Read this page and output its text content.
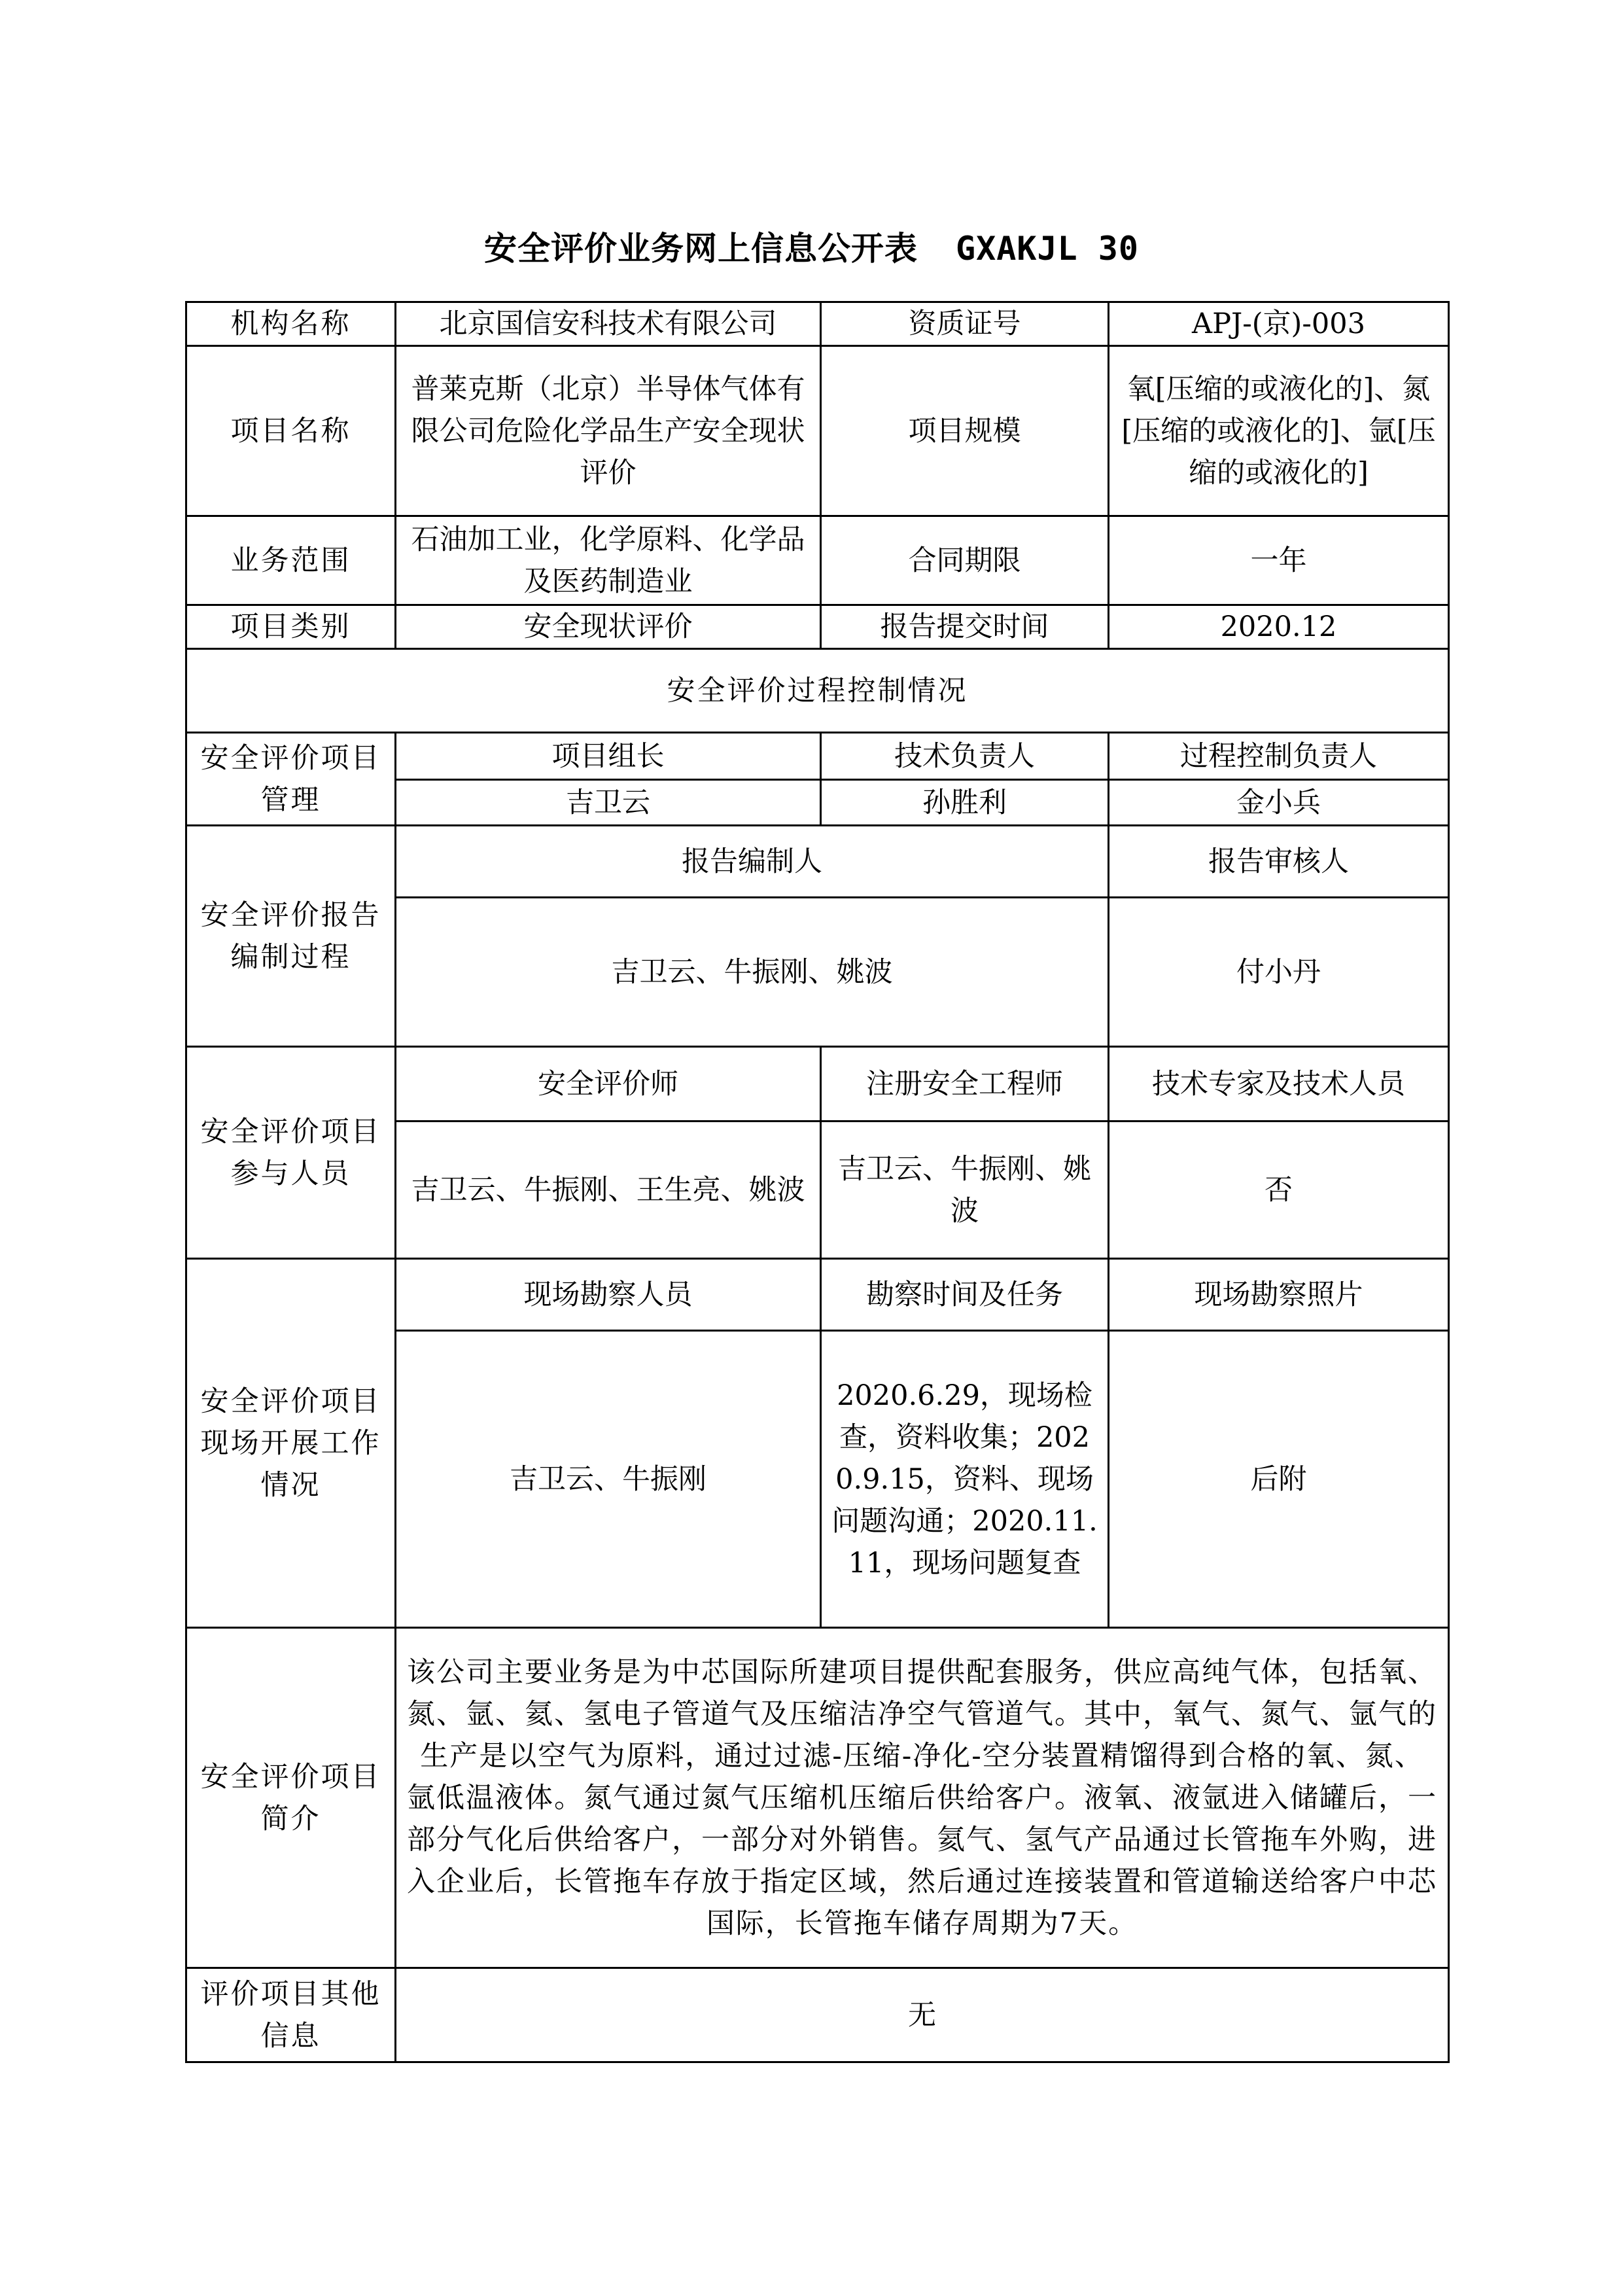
安全评价业务网上信息公开表 GXAKJL 30
机构名称	北京国信安科技术有限公司	资质证号	APJ-(京)-003
项目名称	普莱克斯（北京）半导体气体有限公司危险化学品生产安全现状评价	项目规模	氧[压缩的或液化的]、氮[压缩的或液化的]、氩[压缩的或液化的]
业务范围	石油加工业，化学原料、化学品及医药制造业	合同期限	一年
项目类别	安全现状评价	报告提交时间	2020.12
安全评价过程控制情况			
安全评价项目管理	项目组长	技术负责人	过程控制负责人
	吉卫云	孙胜利	金小兵
安全评价报告编制过程	报告编制人		报告审核人
	吉卫云、牛振刚、姚波		付小丹
安全评价项目参与人员	安全评价师	注册安全工程师	技术专家及技术人员
	吉卫云、牛振刚、王生亮、姚波	吉卫云、牛振刚、姚波	否
安全评价项目现场开展工作情况	现场勘察人员	勘察时间及任务	现场勘察照片
	吉卫云、牛振刚	2020.6.29，现场检查，资料收集；2020.9.15，资料、现场问题沟通；2020.11.11，现场问题复查	后附
安全评价项目简介	该公司主要业务是为中芯国际所建项目提供配套服务，供应高纯气体，包括氧、氮、氩、氦、氢电子管道气及压缩洁净空气管道气。其中，氧气、氮气、氩气的生产是以空气为原料，通过过滤-压缩-净化-空分装置精馏得到合格的氧、氮、氩低温液体。氮气通过氮气压缩机压缩后供给客户。液氧、液氩进入储罐后，一部分气化后供给客户，一部分对外销售。氦气、氢气产品通过长管拖车外购，进入企业后，长管拖车存放于指定区域，然后通过连接装置和管道输送给客户中芯国际，长管拖车储存周期为7天。		
评价项目其他信息	无		
